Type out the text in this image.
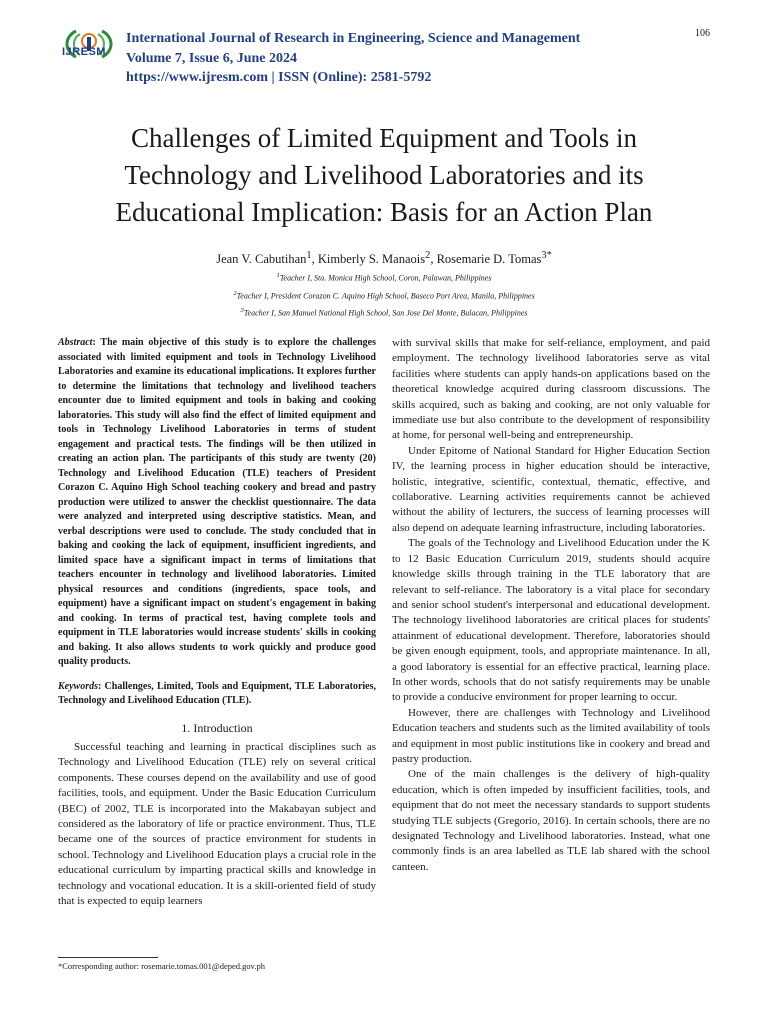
IJRESM
International Journal of Research in Engineering, Science and Management
Volume 7, Issue 6, June 2024
https://www.ijresm.com | ISSN (Online): 2581-5792
106
Challenges of Limited Equipment and Tools in
Technology and Livelihood Laboratories and its
Educational Implication: Basis for an Action Plan
Jean V. Cabutihan$^1$, Kimberly S. Manaois$^2$, Rosemarie D. Tomas$^{3*}$
$^1$Teacher I, Sta. Monica High School, Coron, Palawan, Philippines
$^2$Teacher I, President Corazon C. Aquino High School, Baseco Port Area, Manila, Philippines
$^3$Teacher I, San Manuel National High School, San Jose Del Monte, Bulacan, Philippines

Abstract: The main objective of this study is to explore the challenges associated with limited equipment and tools in Technology Livelihood Laboratories and examine its educational implications. It explores further to determine the limitations that technology and livelihood teachers encounter due to limited equipment and tools in baking and cooking laboratories. This study will also find the effect of limited equipment and tools in Technology Livelihood Laboratories in terms of student engagement and practical tests. The findings will be then utilized in creating an action plan. The participants of this study are twenty (20) Technology and Livelihood Education (TLE) teachers of President Corazon C. Aquino High School teaching cookery and bread and pastry production were utilized to answer the checklist questionnaire. The data were analyzed and interpreted using descriptive statistics. Mean, and verbal descriptions were used to conclude. The study concluded that in baking and cooking the lack of equipment, insufficient ingredients, and limited space have a significant impact in terms of limitations that teachers encounter in technology and livelihood laboratories. Limited physical resources and conditions (ingredients, space tools, and equipment) have a significant impact on student's engagement in baking and cooking. In terms of practical test, having complete tools and equipment in TLE laboratories would increase students' skills in cooking and baking. It also allows students to work quickly and produce good quality products.

Keywords: Challenges, Limited, Tools and Equipment, TLE Laboratories, Technology and Livelihood Education (TLE).

1. Introduction

Successful teaching and learning in practical disciplines such as Technology and Livelihood Education (TLE) rely on several critical components. These courses depend on the availability and use of good facilities, tools, and equipment. Under the Basic Education Curriculum (BEC) of 2002, TLE is incorporated into the Makabayan subject and considered as the laboratory of life or practice environment. Thus, TLE became one of the sources of practice environment for students in school. Technology and Livelihood Education plays a crucial role in the educational curriculum by imparting practical skills and knowledge in technology and vocational education. It is a skill-oriented field of study that is expected to equip learners

with survival skills that make for self-reliance, employment, and paid employment. The technology livelihood laboratories serve as vital facilities where students can apply hands-on applications based on the theoretical knowledge acquired during classroom discussions. The skills acquired, such as baking and cooking, are not only valuable for immediate use but also contribute to the development of responsibility at home, for personal well-being and entrepreneurship.

Under Epitome of National Standard for Higher Education Section IV, the learning process in higher education should be interactive, holistic, integrative, scientific, contextual, thematic, effective, and collaborative. Learning activities requirements cannot be achieved without the ability of lecturers, the success of learning processes will also depend on adequate learning infrastructure, including laboratories.

The goals of the Technology and Livelihood Education under the K to 12 Basic Education Curriculum 2019, students should acquire knowledge skills through training in the TLE laboratory that are relevant to self-reliance. The laboratory is a vital place for secondary and senior school student's interpersonal and educational development. The technology livelihood laboratories are critical places for students' attainment of educational development. Therefore, laboratories should be given enough equipment, tools, and appropriate maintenance. In all, a good laboratory is essential for an effective practical, learning place. In other words, schools that do not satisfy requirements may be unable to provide a conducive environment for proper learning to occur.

However, there are challenges with Technology and Livelihood Education teachers and students such as the limited availability of tools and equipment in most public institutions like in cookery and bread and pastry production.

One of the main challenges is the delivery of high-quality education, which is often impeded by insufficient facilities, tools, and equipment that do not meet the necessary standards to support students studying TLE subjects (Gregorio, 2016). In certain schools, there are no designated Technology and Livelihood laboratories. Instead, what one commonly finds is an area labelled as TLE lab shared with the school canteen.

*Corresponding author: rosemarie.tomas.001@deped.gov.ph
